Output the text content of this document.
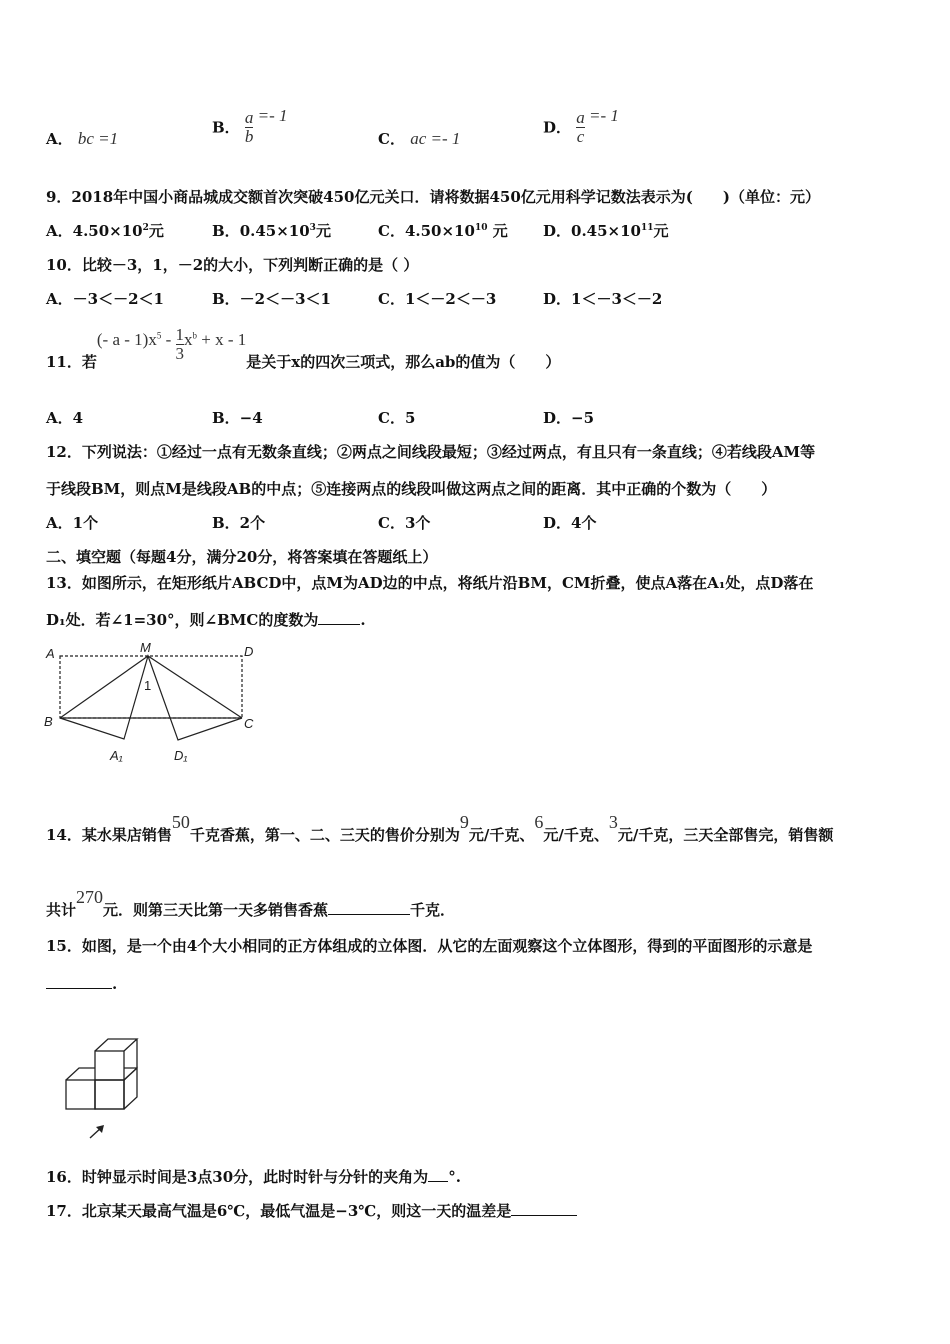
A． bc =1
B． $\frac{a}{b} =- 1$
C． ac =- 1
D． $\frac{a}{c} =- 1$
9．2018年中国小商品城成交额首次突破450亿元关口．请将数据450亿元用科学记数法表示为(　　)（单位：元）
A．$4.50\times 10^2$元	B．$0.45\times 10^3$元	C．$4.50\times 10^{10}$ 元 D．$0.45\times 10^{11}$元
10．比较－3，1，－2的大小，下列判断正确的是（ ）
A．－3＜－2＜1	B．－2＜－3＜1	C．1＜－2＜－3	D．1＜－3＜－2
11．若(- $a - 1)x^5 - \frac{1}{3} x^b + x - 1$是关于x的四次三项式，那么ab的值为（　　）
A．4	B．−4	C．5	D．−5
12．下列说法：①经过一点有无数条直线；②两点之间线段最短；③经过两点，有且只有一条直线；④若线段AM等
于线段BM，则点M是线段AB的中点；⑤连接两点的线段叫做这两点之间的距离．其中正确的个数为（　　）
A．1个	B．2个	C．3个	D．4个
二、填空题（每题4分，满分20分，将答案填在答题纸上）
13．如图所示，在矩形纸片ABCD中，点M为AD边的中点，将纸片沿BM，CM折叠，使点A落在A₁处，点D落在
D₁处．若∠1=30°，则∠BMC的度数为	.
A	M	D
B	C
A₁	D₁
1
14．某水果店销售50千克香蕉，第一、二、三天的售价分别为9元/千克、6元/千克、3元/千克，三天全部售完，销售额
共计270元．则第三天比第一天多销售香蕉	千克．
15．如图，是一个由4个大小相同的正方体组成的立体图．从它的左面观察这个立体图形，得到的平面图形的示意是
.
16．时钟显示时间是3点30分，此时时针与分针的夹角为 °.
17．北京某天最高气温是6℃，最低气温是−3℃，则这一天的温差是
